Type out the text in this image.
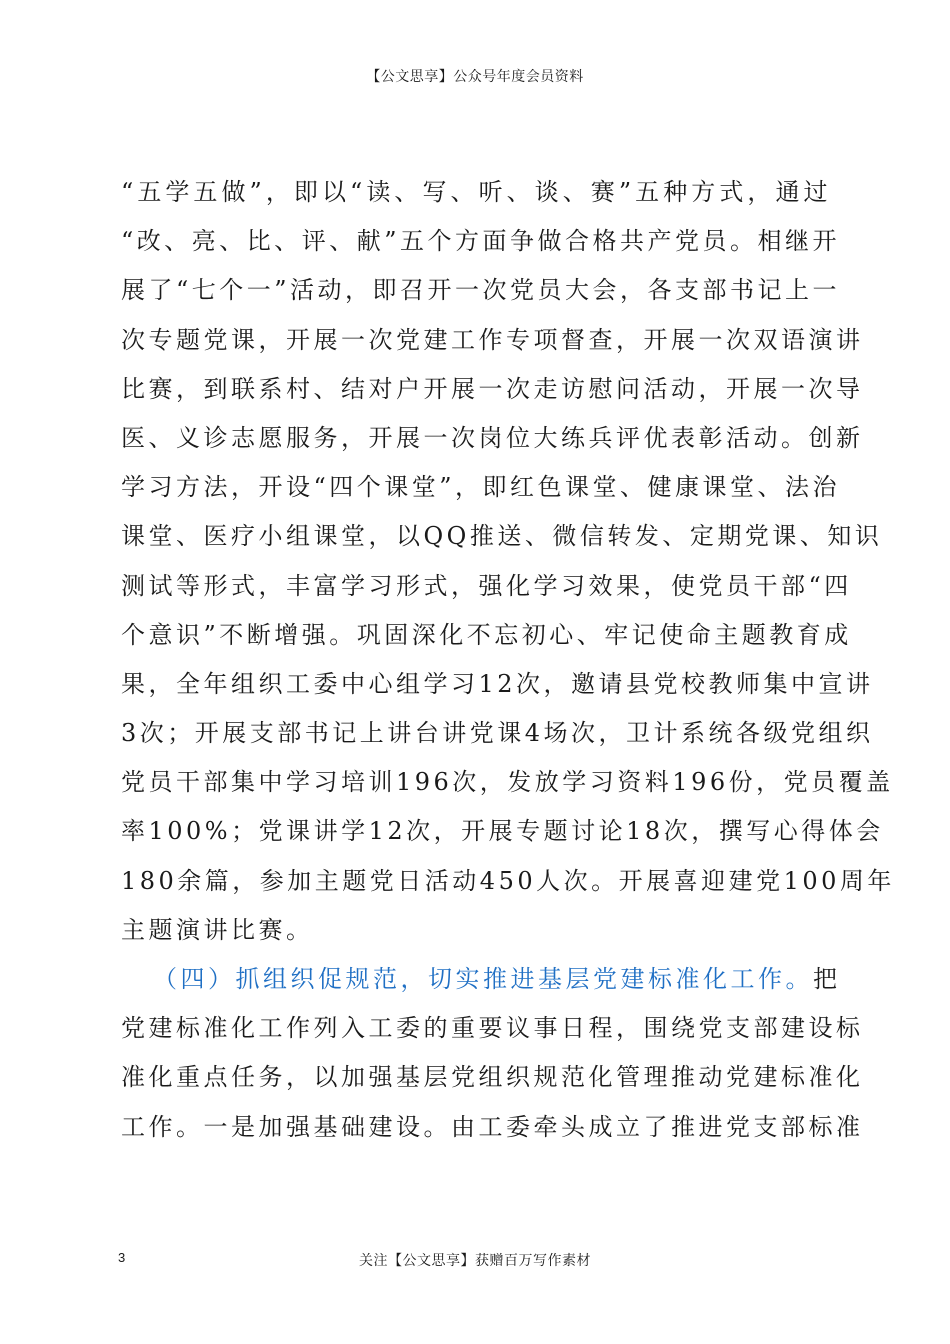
【公文思享】公众号年度会员资料
“五学五做”，即以“读、写、听、谈、赛”五种方式，通过
“改、亮、比、评、献”五个方面争做合格共产党员。相继开
展了“七个一”活动，即召开一次党员大会，各支部书记上一
次专题党课，开展一次党建工作专项督查，开展一次双语演讲
比赛，到联系村、结对户开展一次走访慰问活动，开展一次导
医、义诊志愿服务，开展一次岗位大练兵评优表彰活动。创新
学习方法，开设“四个课堂”，即红色课堂、健康课堂、法治
课堂、医疗小组课堂，以QQ推送、微信转发、定期党课、知识
测试等形式，丰富学习形式，强化学习效果，使党员干部“四
个意识”不断增强。巩固深化不忘初心、牢记使命主题教育成
果，全年组织工委中心组学习12次，邀请县党校教师集中宣讲
3次；开展支部书记上讲台讲党课4场次，卫计系统各级党组织
党员干部集中学习培训196次，发放学习资料196份，党员覆盖
率100%；党课讲学12次，开展专题讨论18次，撰写心得体会
180余篇，参加主题党日活动450人次。开展喜迎建党100周年
主题演讲比赛。
（四）抓组织促规范，切实推进基层党建标准化工作。把
党建标准化工作列入工委的重要议事日程，围绕党支部建设标
准化重点任务，以加强基层党组织规范化管理推动党建标准化
工作。一是加强基础建设。由工委牵头成立了推进党支部标准
3	关注【公文思享】获赠百万写作素材
